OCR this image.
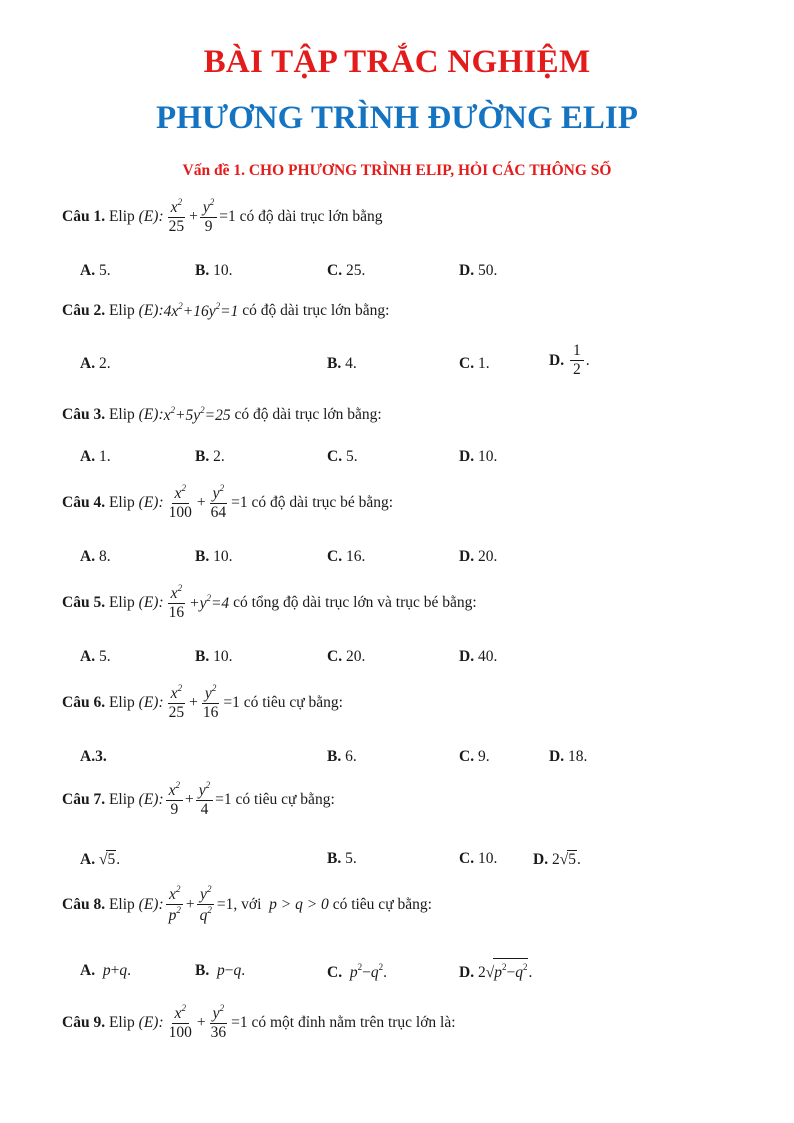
BÀI TẬP TRẮC NGHIỆM
PHƯƠNG TRÌNH ĐƯỜNG ELIP
Vấn đề 1. CHO PHƯƠNG TRÌNH ELIP, HỎI CÁC THÔNG SỐ
Câu 1.
Elip
(E): $\frac{x^2}{25} + \frac{y^2}{9} =1$ có độ dài trục lớn bằng
A. 5.	B. 10.	C. 25.	D. 50.
Câu 2.
Elip
(E): $4x^2+16y^2=1$
có độ dài trục lớn bằng:
A. 2.	B. 4.	C. 1.	D.
$\frac{1}{2}$ .
Câu 3.
Elip
(E): $x^2+5y^2=25$
có độ dài trục lớn bằng:
A. 1.	B. 2.	C. 5.	D. 10.
Câu 4.
Elip
(E): $\frac{x^2}{100} + \frac{y^2}{64} =1$ có độ dài trục bé bằng:
A. 8.	B. 10.	C. 16.	D. 20.
Câu 5.
Elip
(E): $\frac{x^2}{16} +y^2=4$
có tổng độ dài trục lớn và trục bé bằng:
A. 5.	B. 10.	C. 20.	D. 40.
Câu 6.
Elip
(E): $\frac{x^2}{25} + \frac{y^2}{16} =1$ có tiêu cự bằng:
A.3.	B. 6.	C. 9.	D. 18.
Câu 7.
Elip
(E): $\frac{x^2}{9} + \frac{y^2}{4} =1$ có tiêu cự bằng:
A. √5.	B. 5.	C. 10. D. 2√5.
Câu 8.
Elip
(E): $\frac{x^2}{p^2} + \frac{y^2}{q^2} =1$ , với
p > q > 0
có tiêu cự bằng:
A. p+q.	B. p−q.	C. $p^2-q^2$.	D. $2√p^2-q^2$.
Câu 9.
Elip
(E): $\frac{x^2}{100} + \frac{y^2}{36} =1$ có một đỉnh nằm trên trục lớn là:
